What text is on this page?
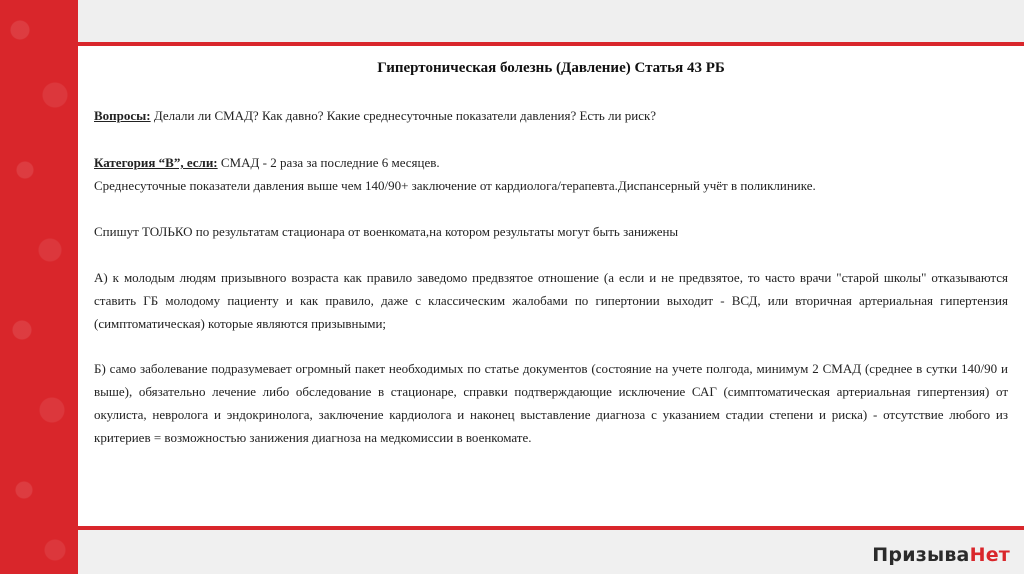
Гипертоническая болезнь (Давление) Статья 43 РБ
Вопросы: Делали ли СМАД? Как давно? Какие среднесуточные показатели давления? Есть ли риск?
Категория “В”, если: СМАД - 2 раза за последние 6 месяцев.
Среднесуточные показатели давления выше чем 140/90+ заключение от кардиолога/терапевта.Диспансерный учёт в поликлинике.
Спишут ТОЛЬКО по результатам стационара от военкомата,на котором результаты могут быть занижены
А) к молодым людям призывного возраста как правило заведомо предвзятое отношение (а если и не предвзятое, то часто врачи "старой школы" отказываются ставить ГБ молодому пациенту и как правило, даже с классическим жалобами по гипертонии выходит - ВСД, или вторичная артериальная гипертензия (симптоматическая) которые являются призывными;
Б) само заболевание подразумевает огромный пакет необходимых по статье документов (состояние на учете полгода, минимум 2 СМАД (среднее в сутки 140/90 и выше), обязательно лечение либо обследование в стационаре, справки подтверждающие исключение САГ (симптоматическая артериальная гипертензия) от окулиста, невролога и эндокринолога, заключение кардиолога и наконец выставление диагноза с указанием стадии степени и риска) - отсутствие любого из критериев = возможностью занижения диагноза на медкомиссии в военкомате.
ПризываНет
